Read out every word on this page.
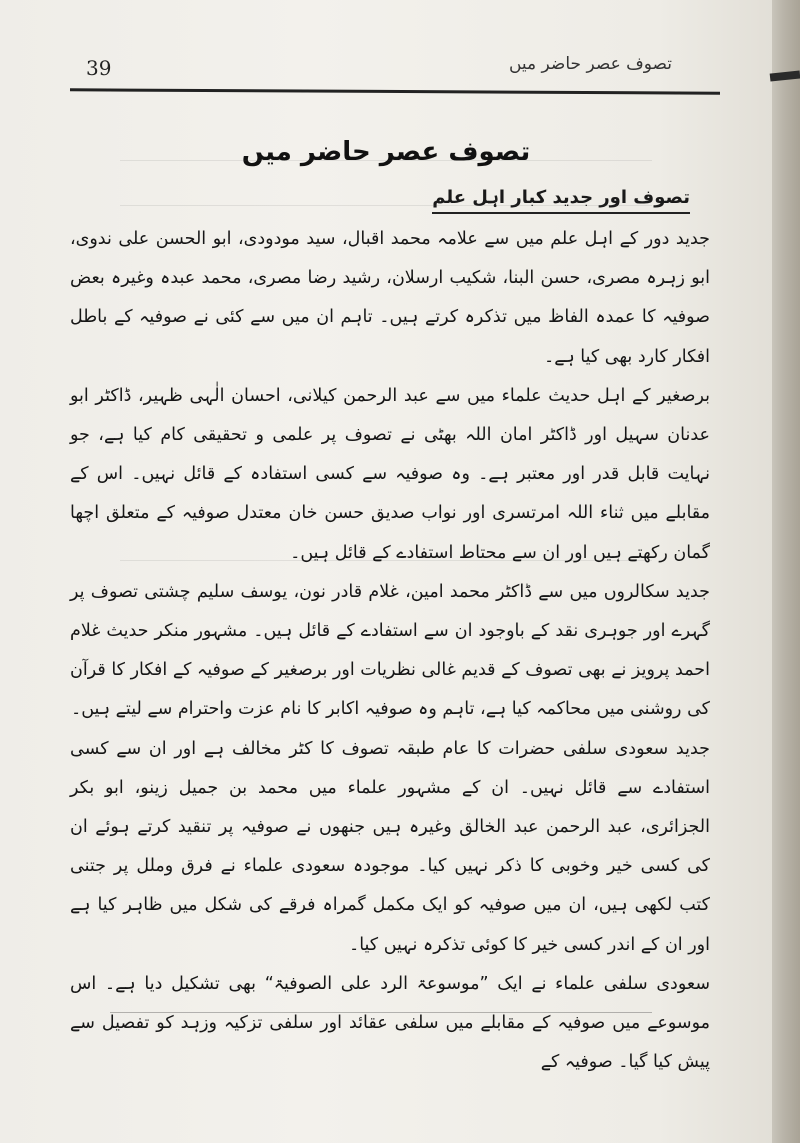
39	تصوف عصر حاضر میں
تصوف عصر حاضر میں
تصوف اور جدید کبار اہل علم

جدید دور کے اہل علم میں سے علامہ محمد اقبال، سید مودودی، ابو الحسن علی ندوی، ابو زہرہ مصری، حسن البنا، شکیب ارسلان، رشید رضا مصری، محمد عبدہ وغیرہ بعض صوفیہ کا عمدہ الفاظ میں تذکرہ کرتے ہیں۔ تاہم ان میں سے کئی نے صوفیہ کے باطل افکار کارد بھی کیا ہے۔

برصغیر کے اہل حدیث علماء میں سے عبد الرحمن کیلانی، احسان الٰہی ظہیر، ڈاکٹر ابو عدنان سہیل اور ڈاکٹر امان اللہ بھٹی نے تصوف پر علمی و تحقیقی کام کیا ہے، جو نہایت قابل قدر اور معتبر ہے۔ وہ صوفیہ سے کسی استفادہ کے قائل نہیں۔ اس کے مقابلے میں ثناء اللہ امرتسری اور نواب صدیق حسن خان معتدل صوفیہ کے متعلق اچھا گمان رکھتے ہیں اور ان سے محتاط استفادے کے قائل ہیں۔

جدید سکالروں میں سے ڈاکٹر محمد امین، غلام قادر نون، یوسف سلیم چشتی تصوف پر گہرے اور جوہری نقد کے باوجود ان سے استفادے کے قائل ہیں۔ مشہور منکر حدیث غلام احمد پرویز نے بھی تصوف کے قدیم غالی نظریات اور برصغیر کے صوفیہ کے افکار کا قرآن کی روشنی میں محاکمہ کیا ہے، تاہم وہ صوفیہ اکابر کا نام عزت واحترام سے لیتے ہیں۔

جدید سعودی سلفی حضرات کا عام طبقہ تصوف کا کٹر مخالف ہے اور ان سے کسی استفادے سے قائل نہیں۔ ان کے مشہور علماء میں محمد بن جمیل زینو، ابو بکر الجزائری، عبد الرحمن عبد الخالق وغیرہ ہیں جنھوں نے صوفیہ پر تنقید کرتے ہوئے ان کی کسی خیر وخوبی کا ذکر نہیں کیا۔ موجودہ سعودی علماء نے فرق وملل پر جتنی کتب لکھی ہیں، ان میں صوفیہ کو ایک مکمل گمراہ فرقے کی شکل میں ظاہر کیا ہے اور ان کے اندر کسی خیر کا کوئی تذکرہ نہیں کیا۔

سعودی سلفی علماء نے ایک ”موسوعۃ الرد علی الصوفیۃ“ بھی تشکیل دیا ہے۔ اس موسوعے میں صوفیہ کے مقابلے میں سلفی عقائد اور سلفی تزکیہ وزہد کو تفصیل سے پیش کیا گیا۔ صوفیہ کے
